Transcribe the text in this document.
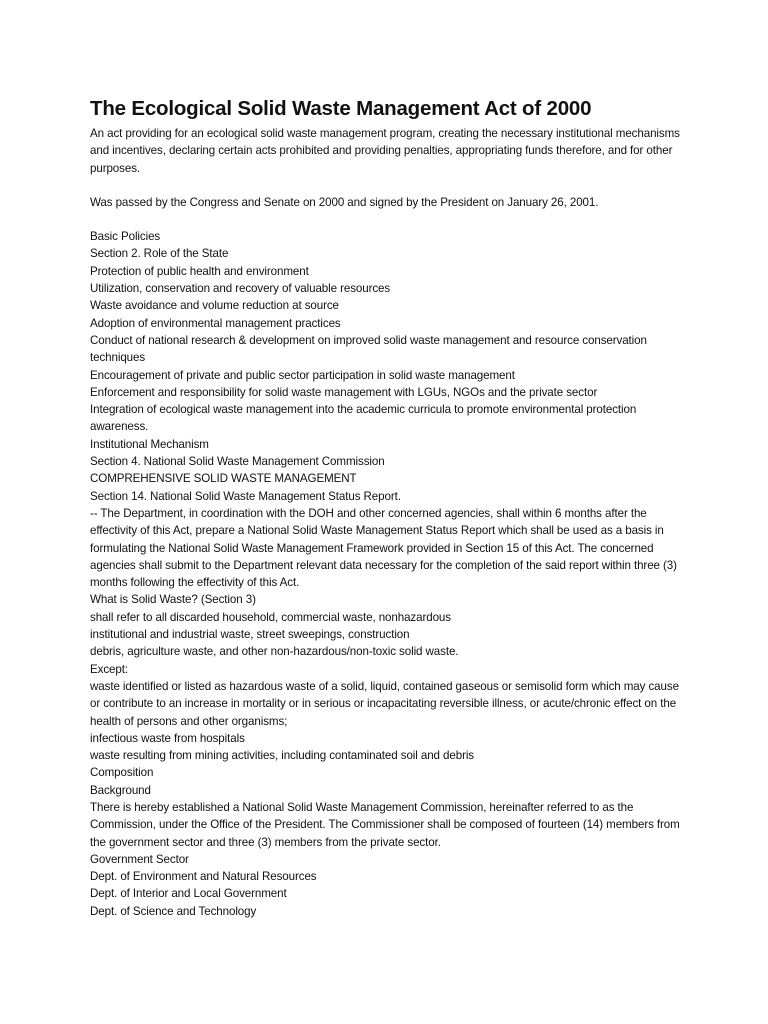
The Ecological Solid Waste Management Act of 2000

An act providing for an ecological solid waste management program, creating the necessary institutional mechanisms and incentives, declaring certain acts prohibited and providing penalties, appropriating funds therefore, and for other purposes.

Was passed by the Congress and Senate on 2000 and signed by the President on January 26, 2001.

Basic Policies

Section 2. Role of the State

Protection of public health and environment

Utilization, conservation and recovery of valuable resources

Waste avoidance and volume reduction at source

Adoption of environmental management practices

Conduct of national research & development on improved solid waste management and resource conservation techniques

Encouragement of private and public sector participation in solid waste management

Enforcement and responsibility for solid waste management with LGUs, NGOs and the private sector

Integration of ecological waste management into the academic curricula to promote environmental protection awareness.

Institutional Mechanism

Section 4. National Solid Waste Management Commission

COMPREHENSIVE SOLID WASTE MANAGEMENT

Section 14. National Solid Waste Management Status Report.

-- The Department, in coordination with the DOH and other concerned agencies, shall within 6 months after the effectivity of this Act, prepare a National Solid Waste Management Status Report which shall be used as a basis in formulating the National Solid Waste Management Framework provided in Section 15 of this Act. The concerned agencies shall submit to the Department relevant data necessary for the completion of the said report within three (3) months following the effectivity of this Act.

What is Solid Waste? (Section 3)

shall refer to all discarded household, commercial waste, nonhazardous

institutional and industrial waste, street sweepings, construction

debris, agriculture waste, and other non-hazardous/non-toxic solid waste.

Except:

waste identified or listed as hazardous waste of a solid, liquid, contained gaseous or semisolid form which may cause or contribute to an increase in mortality or in serious or incapacitating reversible illness, or acute/chronic effect on the health of persons and other organisms;

infectious waste from hospitals

waste resulting from mining activities, including contaminated soil and debris

Composition

Background

There is hereby established a National Solid Waste Management Commission, hereinafter referred to as the Commission, under the Office of the President. The Commissioner shall be composed of fourteen (14) members from the government sector and three (3) members from the private sector.

Government Sector

Dept. of Environment and Natural Resources

Dept. of Interior and Local Government

Dept. of Science and Technology
